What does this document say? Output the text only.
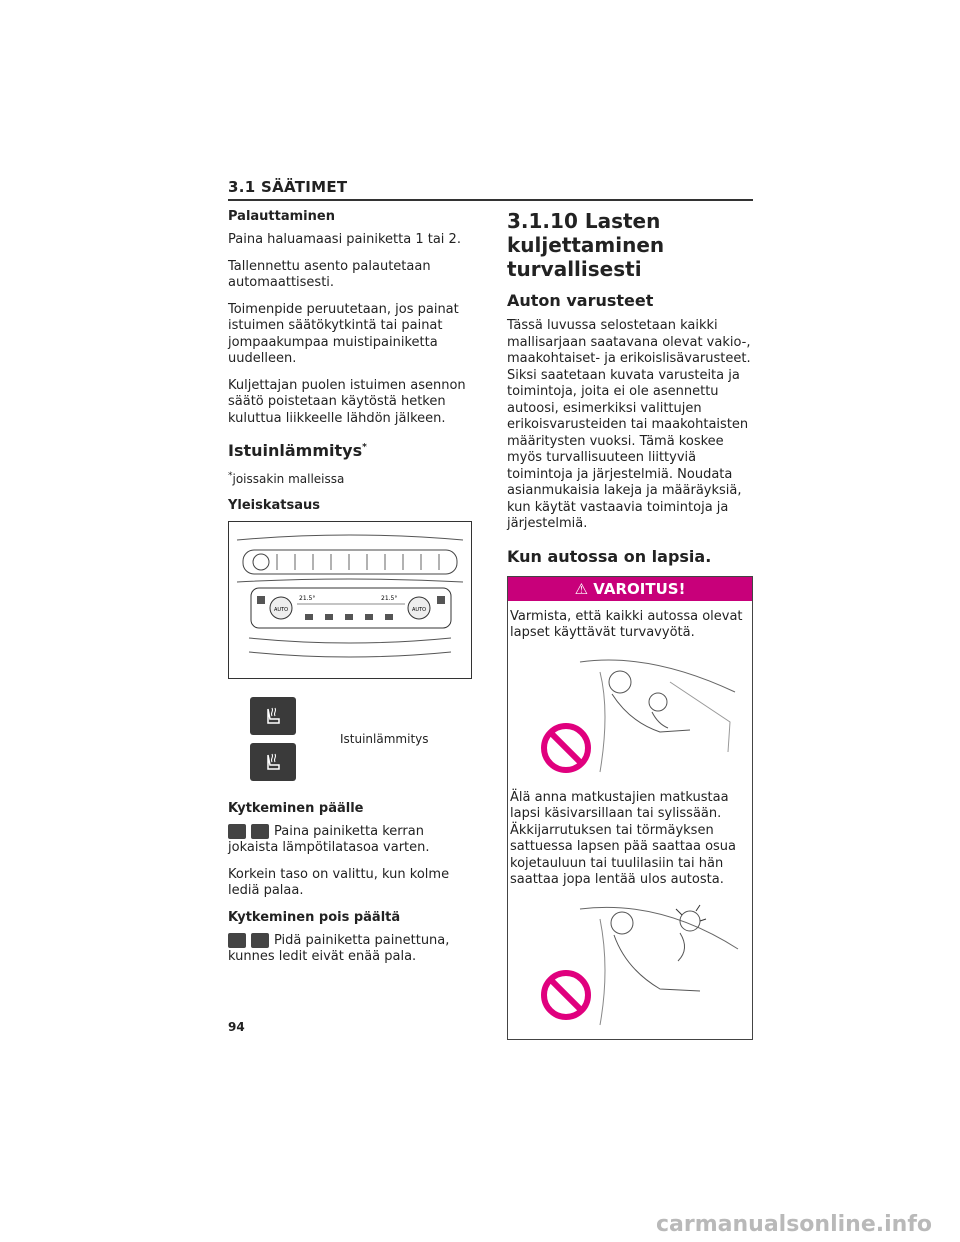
3.1 SÄÄTIMET
Palauttaminen

Paina haluamaasi painiketta 1 tai 2.

Tallennettu asento palautetaan automaattisesti.

Toimenpide peruutetaan, jos painat istuimen säätökytkintä tai painat jompaakumpaa muistipainiketta uudelleen.

Kuljettajan puolen istuimen asennon säätö poistetaan käytöstä hetken kuluttua liikkeelle lähdön jälkeen.

Istuinlämmitys*

*joissakin malleissa

Yleiskatsaus
AUTO	AUTO
21.5°	21.5°
Istuinlämmitys
Kytkeminen päälle

Paina painiketta kerran jokaista lämpötilatasoa varten.

Korkein taso on valittu, kun kolme lediä palaa.

Kytkeminen pois päältä

Pidä painiketta painettuna, kunnes ledit eivät enää pala.

3.1.10 Lasten kuljettaminen turvallisesti
Auton varusteet

Tässä luvussa selostetaan kaikki mallisarjaan saatavana olevat vakio-, maakohtaiset- ja erikoislisävarusteet. Siksi saatetaan kuvata varusteita ja toimintoja, joita ei ole asennettu autoosi, esimerkiksi valittujen erikoisvarusteiden tai maakohtaisten määritysten vuoksi. Tämä koskee myös turvallisuuteen liittyviä toimintoja ja järjestelmiä. Noudata asianmukaisia lakeja ja määräyksiä, kun käytät vastaavia toimintoja ja järjestelmiä.

Kun autossa on lapsia.
⚠ VAROITUS!

Varmista, että kaikki autossa olevat lapset käyttävät turvavyötä.

Älä anna matkustajien matkustaa lapsi käsivarsillaan tai sylissään. Äkkijarrutuksen tai törmäyksen sattuessa lapsen pää saattaa osua kojetauluun tai tuulilasiin tai hän saattaa jopa lentää ulos autosta.

94
carmanualsonline.info
